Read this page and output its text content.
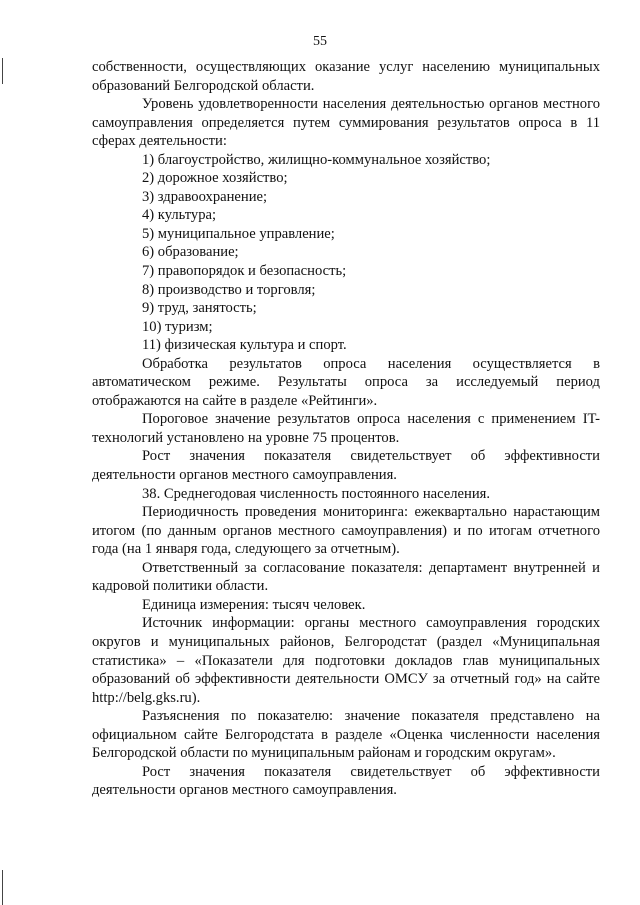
55

собственности, осуществляющих оказание услуг населению муниципальных образований Белгородской области.

Уровень удовлетворенности населения деятельностью органов местного самоуправления определяется путем суммирования результатов опроса в 11 сферах деятельности:

1) благоустройство, жилищно-коммунальное хозяйство;

2) дорожное хозяйство;

3) здравоохранение;

4) культура;

5) муниципальное управление;

6) образование;

7) правопорядок и безопасность;

8) производство и торговля;

9) труд, занятость;

10) туризм;

11) физическая культура и спорт.

Обработка результатов опроса населения осуществляется в автоматическом режиме. Результаты опроса за исследуемый период отображаются на сайте в разделе «Рейтинги».

Пороговое значение результатов опроса населения с применением IT-технологий установлено на уровне 75 процентов.

Рост значения показателя свидетельствует об эффективности деятельности органов местного самоуправления.

38. Среднегодовая численность постоянного населения.

Периодичность проведения мониторинга: ежеквартально нарастающим итогом (по данным органов местного самоуправления) и по итогам отчетного года (на 1 января года, следующего за отчетным).

Ответственный за согласование показателя: департамент внутренней и кадровой политики области.

Единица измерения: тысяч человек.

Источник информации: органы местного самоуправления городских округов и муниципальных районов, Белгородстат (раздел «Муниципальная статистика» – «Показатели для подготовки докладов глав муниципальных образований об эффективности деятельности ОМСУ за отчетный год» на сайте http://belg.gks.ru).

Разъяснения по показателю: значение показателя представлено на официальном сайте Белгородстата в разделе «Оценка численности населения Белгородской области по муниципальным районам и городским округам».

Рост значения показателя свидетельствует об эффективности деятельности органов местного самоуправления.
